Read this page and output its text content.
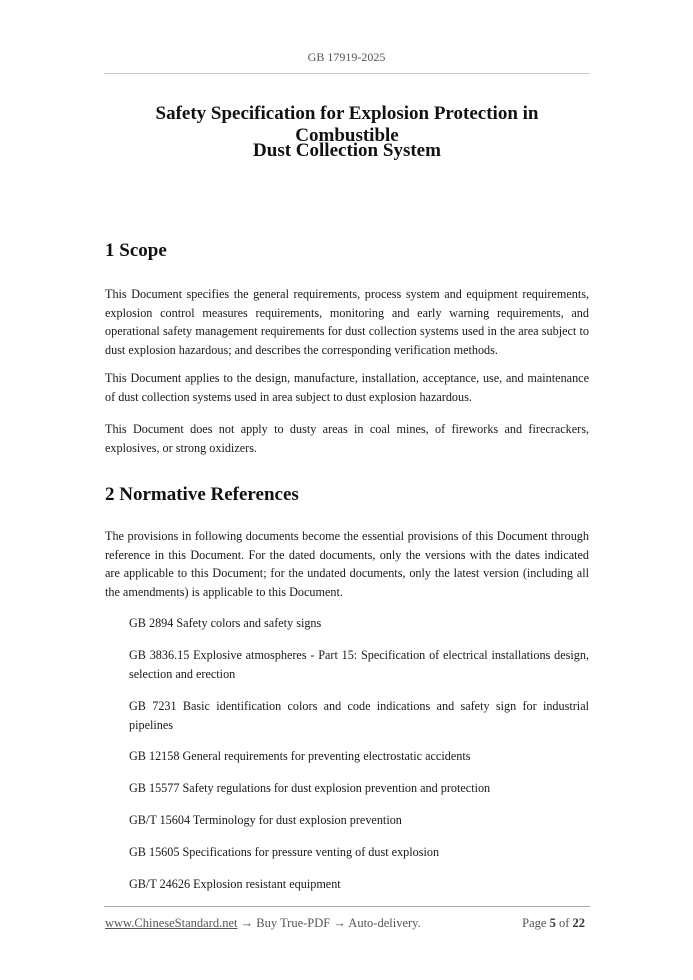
GB 17919-2025
Safety Specification for Explosion Protection in Combustible
Dust Collection System
1 Scope
This Document specifies the general requirements, process system and equipment requirements, explosion control measures requirements, monitoring and early warning requirements, and operational safety management requirements for dust collection systems used in the area subject to dust explosion hazardous; and describes the corresponding verification methods.
This Document applies to the design, manufacture, installation, acceptance, use, and maintenance of dust collection systems used in area subject to dust explosion hazardous.
This Document does not apply to dusty areas in coal mines, of fireworks and firecrackers, explosives, or strong oxidizers.
2 Normative References
The provisions in following documents become the essential provisions of this Document through reference in this Document. For the dated documents, only the versions with the dates indicated are applicable to this Document; for the undated documents, only the latest version (including all the amendments) is applicable to this Document.
GB 2894 Safety colors and safety signs
GB 3836.15 Explosive atmospheres - Part 15: Specification of electrical installations design, selection and erection
GB 7231 Basic identification colors and code indications and safety sign for industrial pipelines
GB 12158 General requirements for preventing electrostatic accidents
GB 15577 Safety regulations for dust explosion prevention and protection
GB/T 15604 Terminology for dust explosion prevention
GB 15605 Specifications for pressure venting of dust explosion
GB/T 24626 Explosion resistant equipment
www.ChineseStandard.net → Buy True-PDF → Auto-delivery.	Page 5 of 22
